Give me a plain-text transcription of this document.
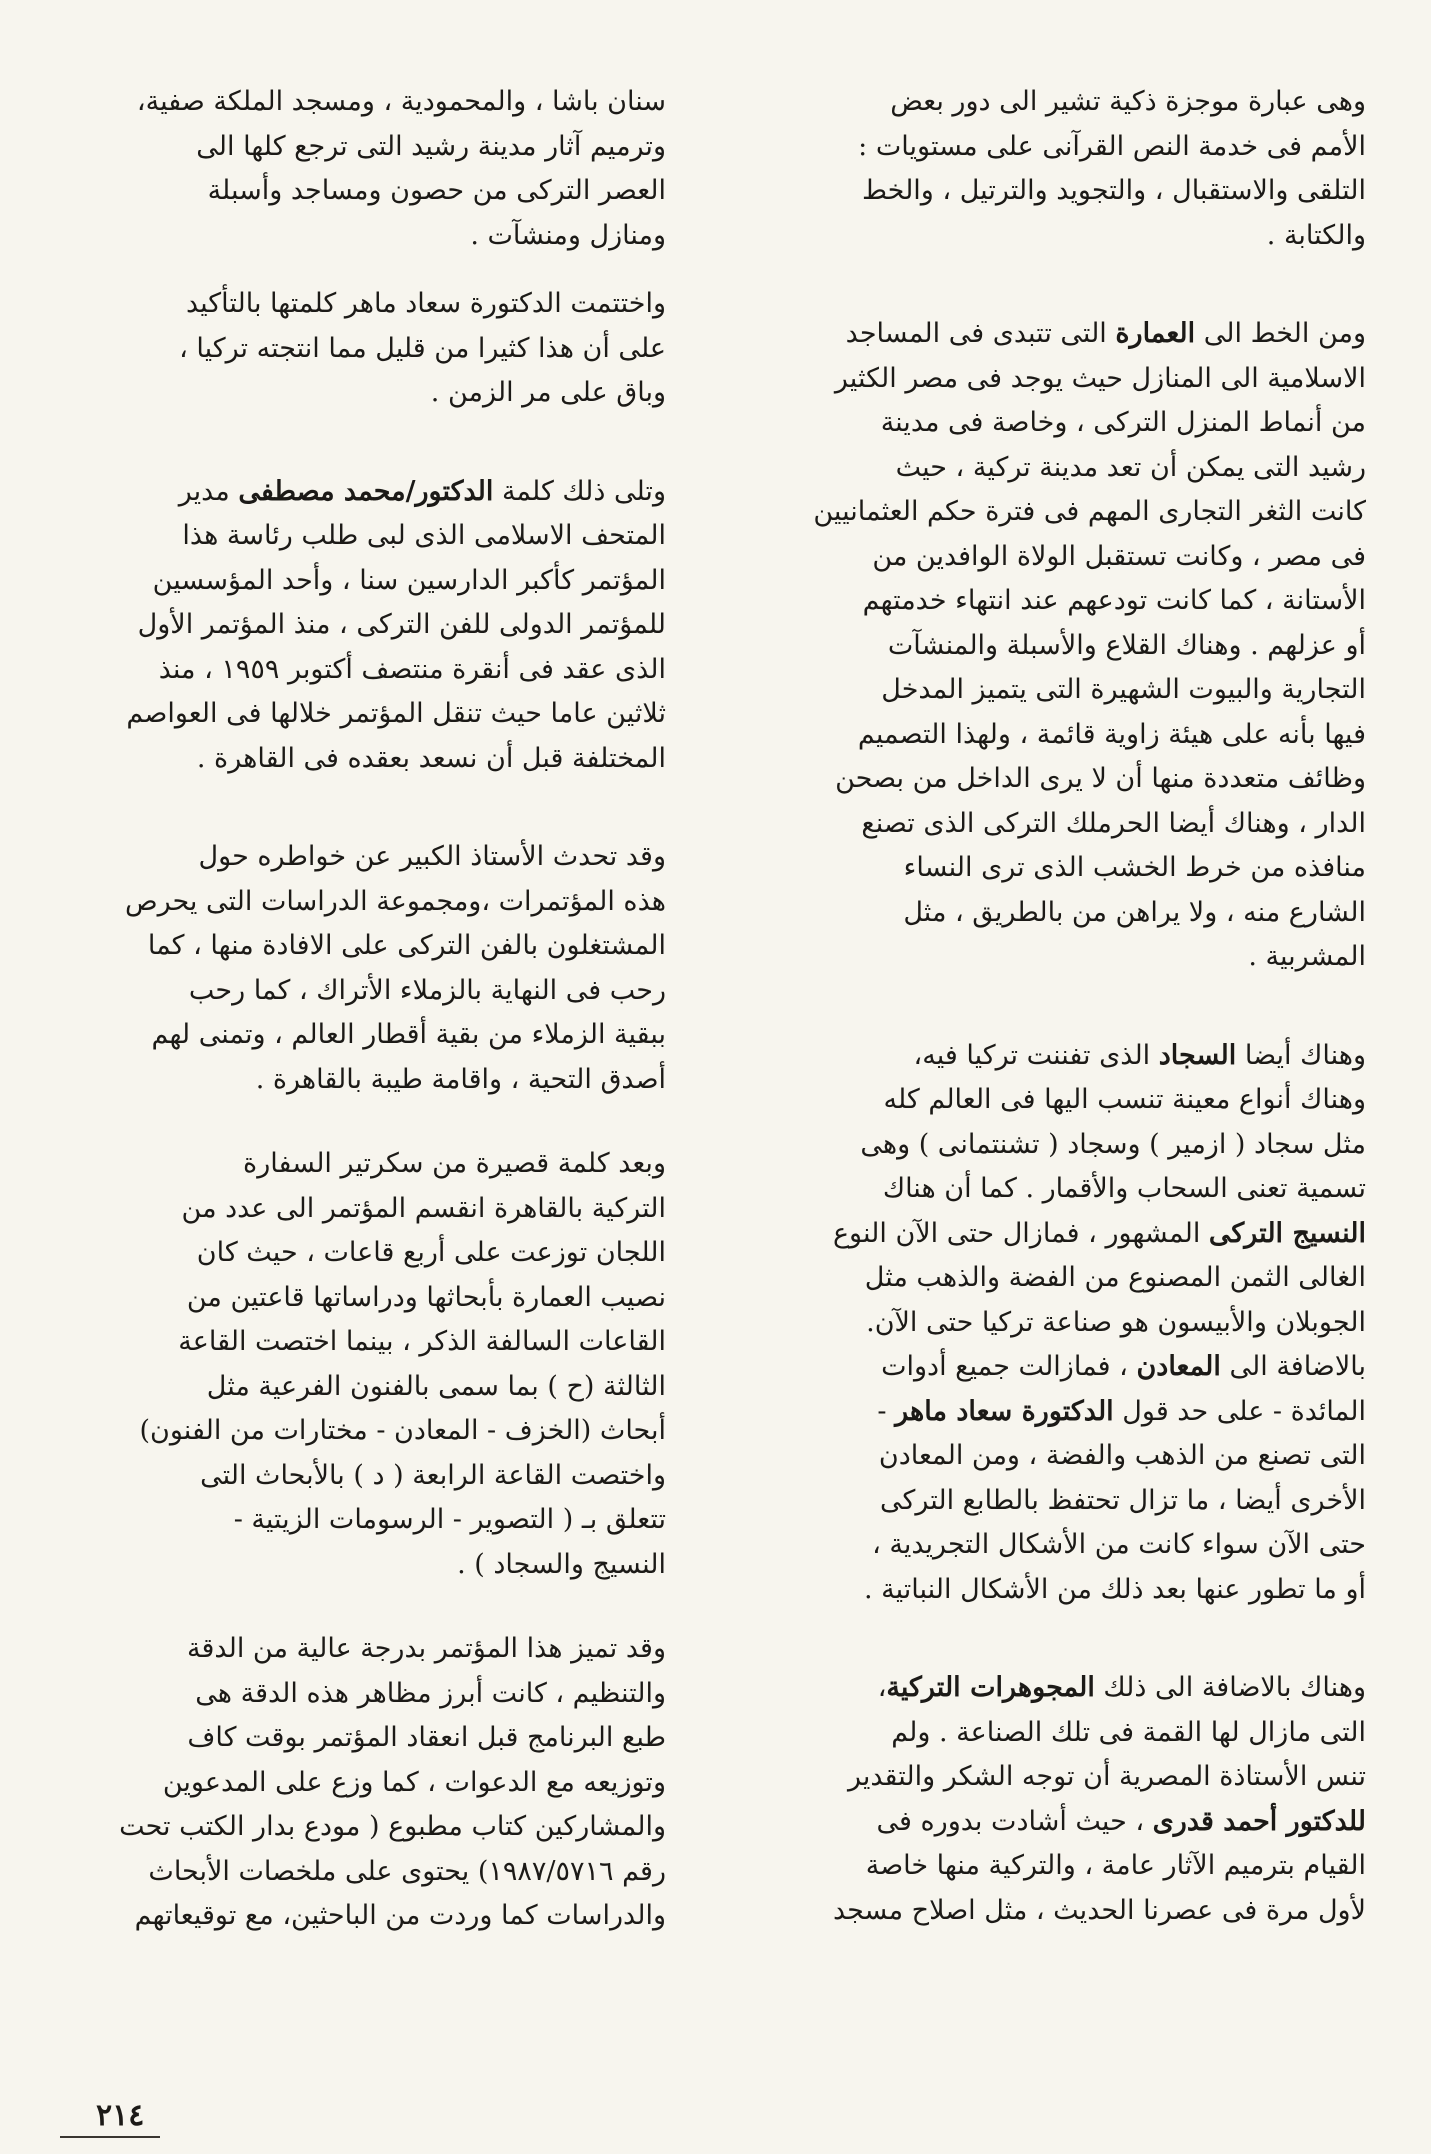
وهى عبارة موجزة ذكية تشير الى دور بعض
الأمم فى خدمة النص القرآنى على مستويات :
التلقى والاستقبال ، والتجويد والترتيل ، والخط
والكتابة .
ومن الخط الى العمارة التى تتبدى فى المساجد
الاسلامية الى المنازل حيث يوجد فى مصر الكثير
من أنماط المنزل التركى ، وخاصة فى مدينة
رشيد التى يمكن أن تعد مدينة تركية ، حيث
كانت الثغر التجارى المهم فى فترة حكم العثمانيين
فى مصر ، وكانت تستقبل الولاة الوافدين من
الأستانة ، كما كانت تودعهم عند انتهاء خدمتهم
أو عزلهم . وهناك القلاع والأسبلة والمنشآت
التجارية والبيوت الشهيرة التى يتميز المدخل
فيها بأنه على هيئة زاوية قائمة ، ولهذا التصميم
وظائف متعددة منها أن لا يرى الداخل من بصحن
الدار ، وهناك أيضا الحرملك التركى الذى تصنع
منافذه من خرط الخشب الذى ترى النساء
الشارع منه ، ولا يراهن من بالطريق ، مثل
المشربية .
وهناك أيضا السجاد الذى تفننت تركيا فيه،
وهناك أنواع معينة تنسب اليها فى العالم كله
مثل سجاد ( ازمير ) وسجاد ( تشنتمانى ) وهى
تسمية تعنى السحاب والأقمار . كما أن هناك
النسيج التركى المشهور ، فمازال حتى الآن النوع
الغالى الثمن المصنوع من الفضة والذهب مثل
الجوبلان والأبيسون هو صناعة تركيا حتى الآن.
بالاضافة الى المعادن ، فمازالت جميع أدوات
المائدة - على حد قول الدكتورة سعاد ماهر -
التى تصنع من الذهب والفضة ، ومن المعادن
الأخرى أيضا ، ما تزال تحتفظ بالطابع التركى
حتى الآن سواء كانت من الأشكال التجريدية ،
أو ما تطور عنها بعد ذلك من الأشكال النباتية .
وهناك بالاضافة الى ذلك المجوهرات التركية،
التى مازال لها القمة فى تلك الصناعة . ولم
تنس الأستاذة المصرية أن توجه الشكر والتقدير
للدكتور أحمد قدرى ، حيث أشادت بدوره فى
القيام بترميم الآثار عامة ، والتركية منها خاصة
لأول مرة فى عصرنا الحديث ، مثل اصلاح مسجد
سنان باشا ، والمحمودية ، ومسجد الملكة صفية،
وترميم آثار مدينة رشيد التى ترجع كلها الى
العصر التركى من حصون ومساجد وأسبلة
ومنازل ومنشآت .
واختتمت الدكتورة سعاد ماهر كلمتها بالتأكيد
على أن هذا كثيرا من قليل مما انتجته تركيا ،
وباق على مر الزمن .
وتلى ذلك كلمة الدكتور/محمد مصطفى مدير
المتحف الاسلامى الذى لبى طلب رئاسة هذا
المؤتمر كأكبر الدارسين سنا ، وأحد المؤسسين
للمؤتمر الدولى للفن التركى ، منذ المؤتمر الأول
الذى عقد فى أنقرة منتصف أكتوبر ١٩٥٩ ، منذ
ثلاثين عاما حيث تنقل المؤتمر خلالها فى العواصم
المختلفة قبل أن نسعد بعقده فى القاهرة .
وقد تحدث الأستاذ الكبير عن خواطره حول
هذه المؤتمرات ،ومجموعة الدراسات التى يحرص
المشتغلون بالفن التركى على الافادة منها ، كما
رحب فى النهاية بالزملاء الأتراك ، كما رحب
ببقية الزملاء من بقية أقطار العالم ، وتمنى لهم
أصدق التحية ، واقامة طيبة بالقاهرة .
وبعد كلمة قصيرة من سكرتير السفارة
التركية بالقاهرة انقسم المؤتمر الى عدد من
اللجان توزعت على أربع قاعات ، حيث كان
نصيب العمارة بأبحاثها ودراساتها قاعتين من
القاعات السالفة الذكر ، بينما اختصت القاعة
الثالثة (ح ) بما سمى بالفنون الفرعية مثل
أبحاث (الخزف - المعادن - مختارات من الفنون)
واختصت القاعة الرابعة ( د ) بالأبحاث التى
تتعلق بـ ( التصوير - الرسومات الزيتية -
النسيج والسجاد ) .
وقد تميز هذا المؤتمر بدرجة عالية من الدقة
والتنظيم ، كانت أبرز مظاهر هذه الدقة هى
طبع البرنامج قبل انعقاد المؤتمر بوقت كاف
وتوزيعه مع الدعوات ، كما وزع على المدعوين
والمشاركين كتاب مطبوع ( مودع بدار الكتب تحت
رقم ١٩٨٧/٥٧١٦) يحتوى على ملخصات الأبحاث
والدراسات كما وردت من الباحثين، مع توقيعاتهم
٢١٤
